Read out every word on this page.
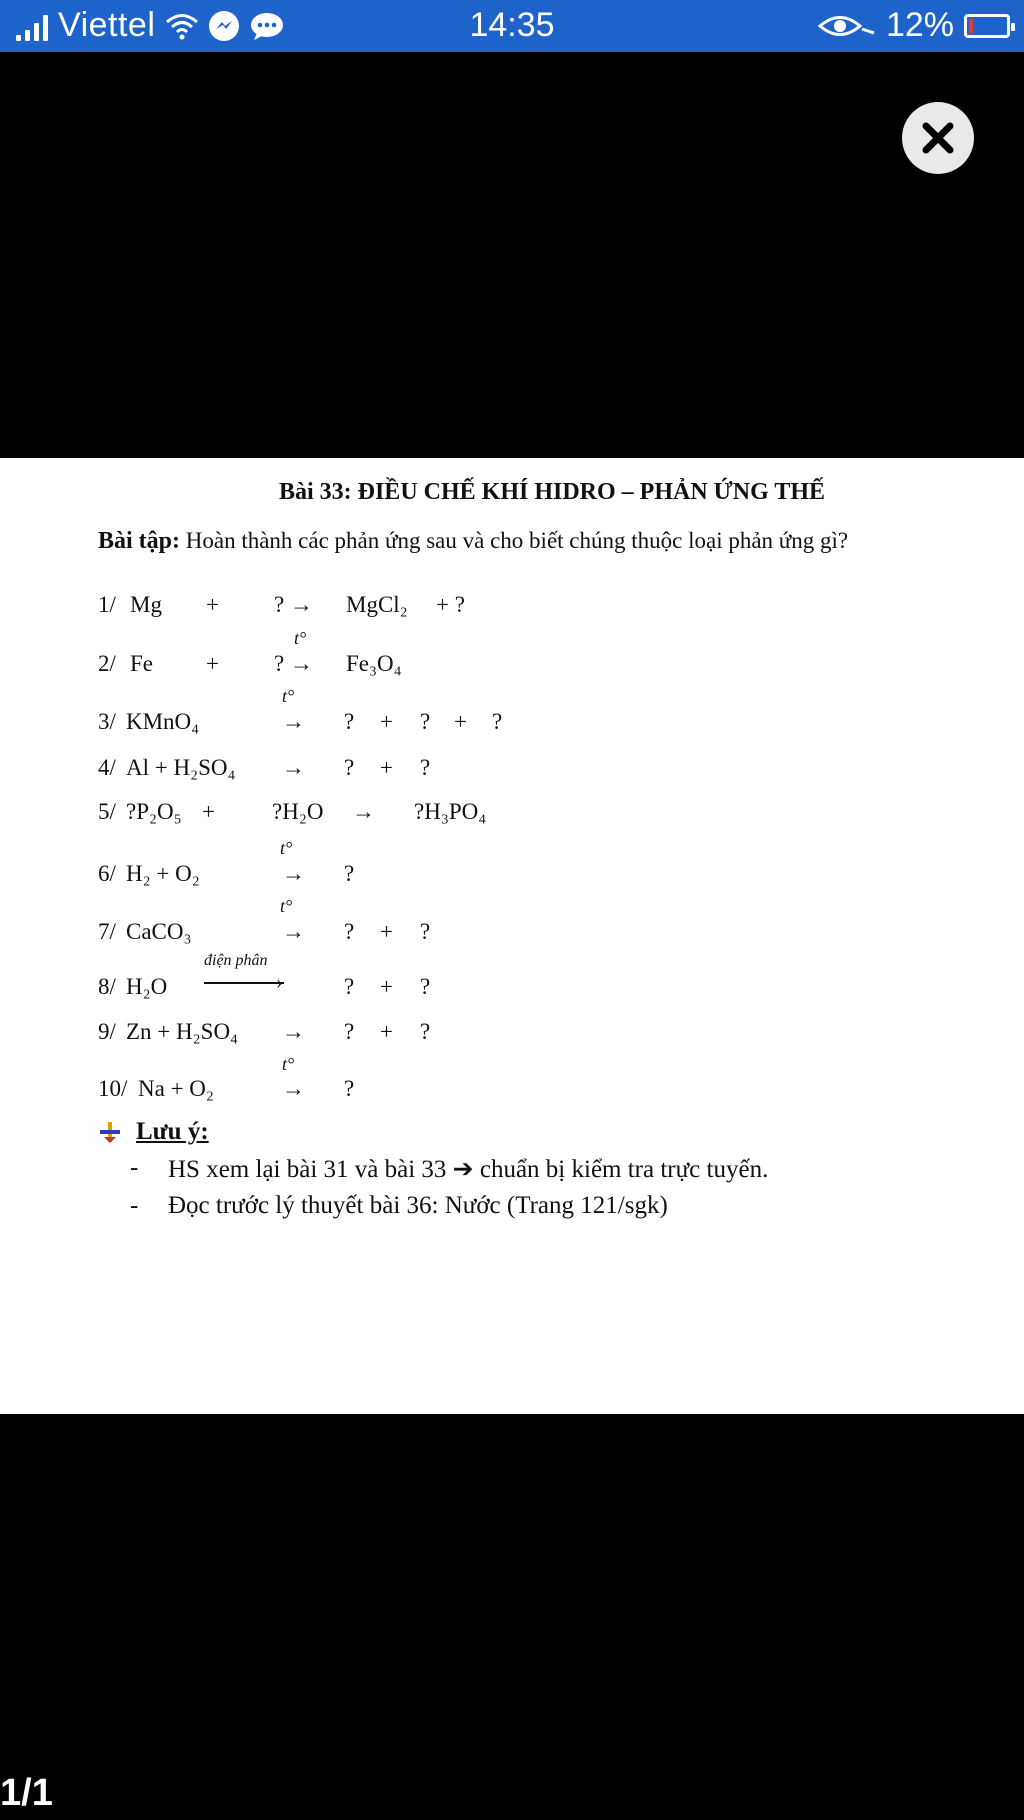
Viettel	14:35	12%
Bài 33: ĐIỀU CHẾ KHÍ HIDRO – PHẢN ỨNG THẾ
Bài tập: Hoàn thành các phản ứng sau và cho biết chúng thuộc loại phản ứng gì?
1/ Mg + ? → MgCl₂ + ?
t°
2/ Fe + ? → Fe₃O₄
t°
3/ KMnO₄	→ ? + ? + ?
4/ Al + H₂SO₄ → ? + ?
5/ ?P₂O₅ + ?H₂O → ?H₃PO₄
t°
6/ H₂ + O₂	→ ?
t°
7/ CaCO₃	→ ? + ?
điện phân
8/ H₂O	›	? + ?
9/ Zn + H₂SO₄ → ? + ?
t°
10/ Na + O₂	→ ?
Lưu ý:
- HS xem lại bài 31 và bài 33 ➔ chuẩn bị kiểm tra trực tuyến.
- Đọc trước lý thuyết bài 36: Nước (Trang 121/sgk)
1/1
